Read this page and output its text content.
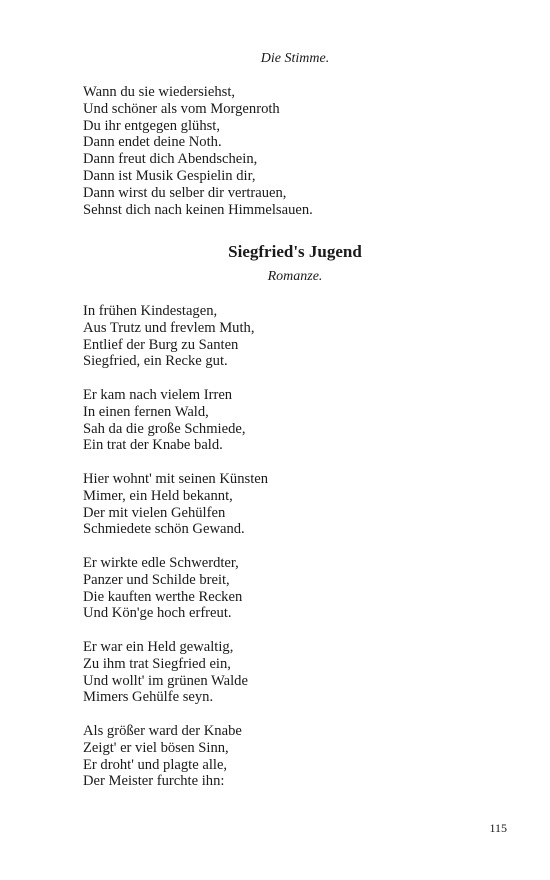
Die Stimme.
Wann du sie wiedersiehst,
Und schöner als vom Morgenroth
Du ihr entgegen glühst,
Dann endet deine Noth.
Dann freut dich Abendschein,
Dann ist Musik Gespielin dir,
Dann wirst du selber dir vertrauen,
Sehnst dich nach keinen Himmelsauen.
Siegfried's Jugend
Romanze.
In frühen Kindestagen,
Aus Trutz und frevlem Muth,
Entlief der Burg zu Santen
Siegfried, ein Recke gut.
Er kam nach vielem Irren
In einen fernen Wald,
Sah da die große Schmiede,
Ein trat der Knabe bald.
Hier wohnt' mit seinen Künsten
Mimer, ein Held bekannt,
Der mit vielen Gehülfen
Schmiedete schön Gewand.
Er wirkte edle Schwerdter,
Panzer und Schilde breit,
Die kauften werthe Recken
Und Kön'ge hoch erfreut.
Er war ein Held gewaltig,
Zu ihm trat Siegfried ein,
Und wollt' im grünen Walde
Mimers Gehülfe seyn.
Als größer ward der Knabe
Zeigt' er viel bösen Sinn,
Er droht' und plagte alle,
Der Meister furchte ihn:
115
